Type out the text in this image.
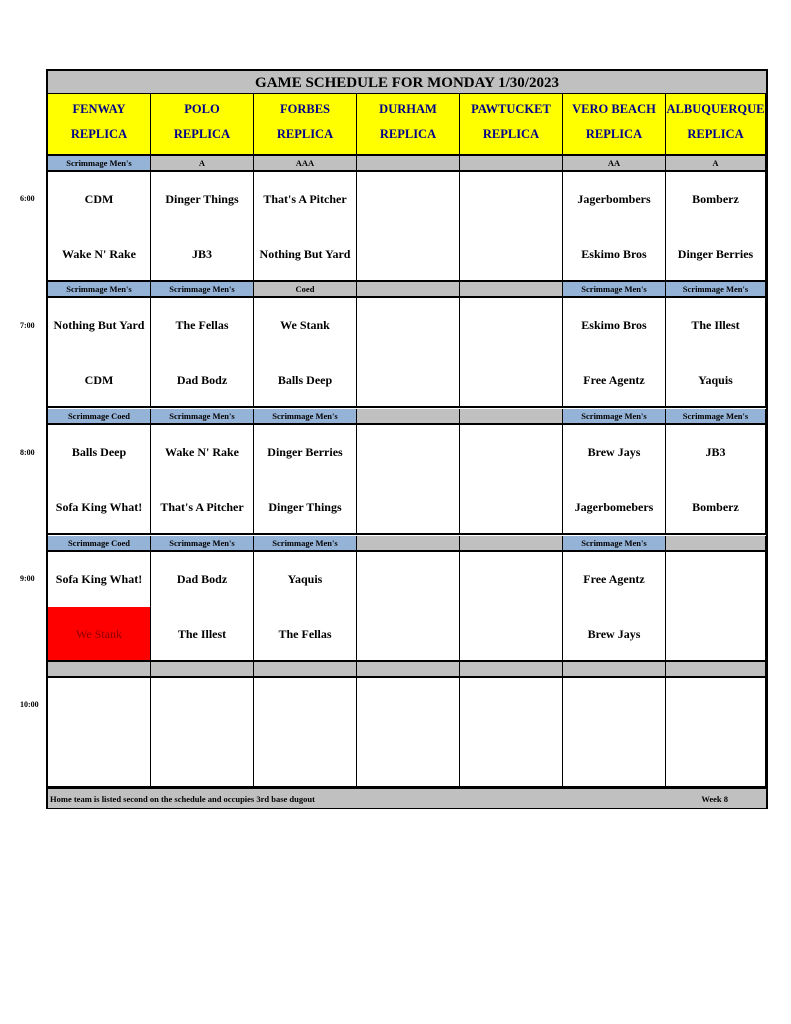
GAME SCHEDULE FOR MONDAY 1/30/2023
FENWAY
REPLICA
POLO
REPLICA
FORBES
REPLICA
DURHAM
REPLICA
PAWTUCKET
REPLICA
VERO BEACH
REPLICA
ALBUQUERQUE
REPLICA
Scrimmage Men's
CDM
Wake N' Rake
A
Dinger Things
JB3
AAA
That's A Pitcher
Nothing But Yard
AA
Jagerbombers
Eskimo Bros
A
Bomberz
Dinger Berries
Scrimmage Men's
Nothing But Yard
CDM
Scrimmage Men's
The Fellas
Dad Bodz
Coed
We Stank
Balls Deep
Scrimmage Men's
Eskimo Bros
Free Agentz
Scrimmage Men's
The Illest
Yaquis
Scrimmage Coed
Balls Deep
Sofa King What!
Scrimmage Men's
Wake N' Rake
That's A Pitcher
Scrimmage Men's
Dinger Berries
Dinger Things
Scrimmage Men's
Brew Jays
Jagerbomebers
Scrimmage Men's
JB3
Bomberz
Scrimmage Coed
Sofa King What!
We Stank
Scrimmage Men's
Dad Bodz
The Illest
Scrimmage Men's
Yaquis
The Fellas
Scrimmage Men's
Free Agentz
Brew Jays
Home team is listed second on the schedule and occupies 3rd base dugout	Week 8
6:00
7:00
8:00
9:00
10:00
